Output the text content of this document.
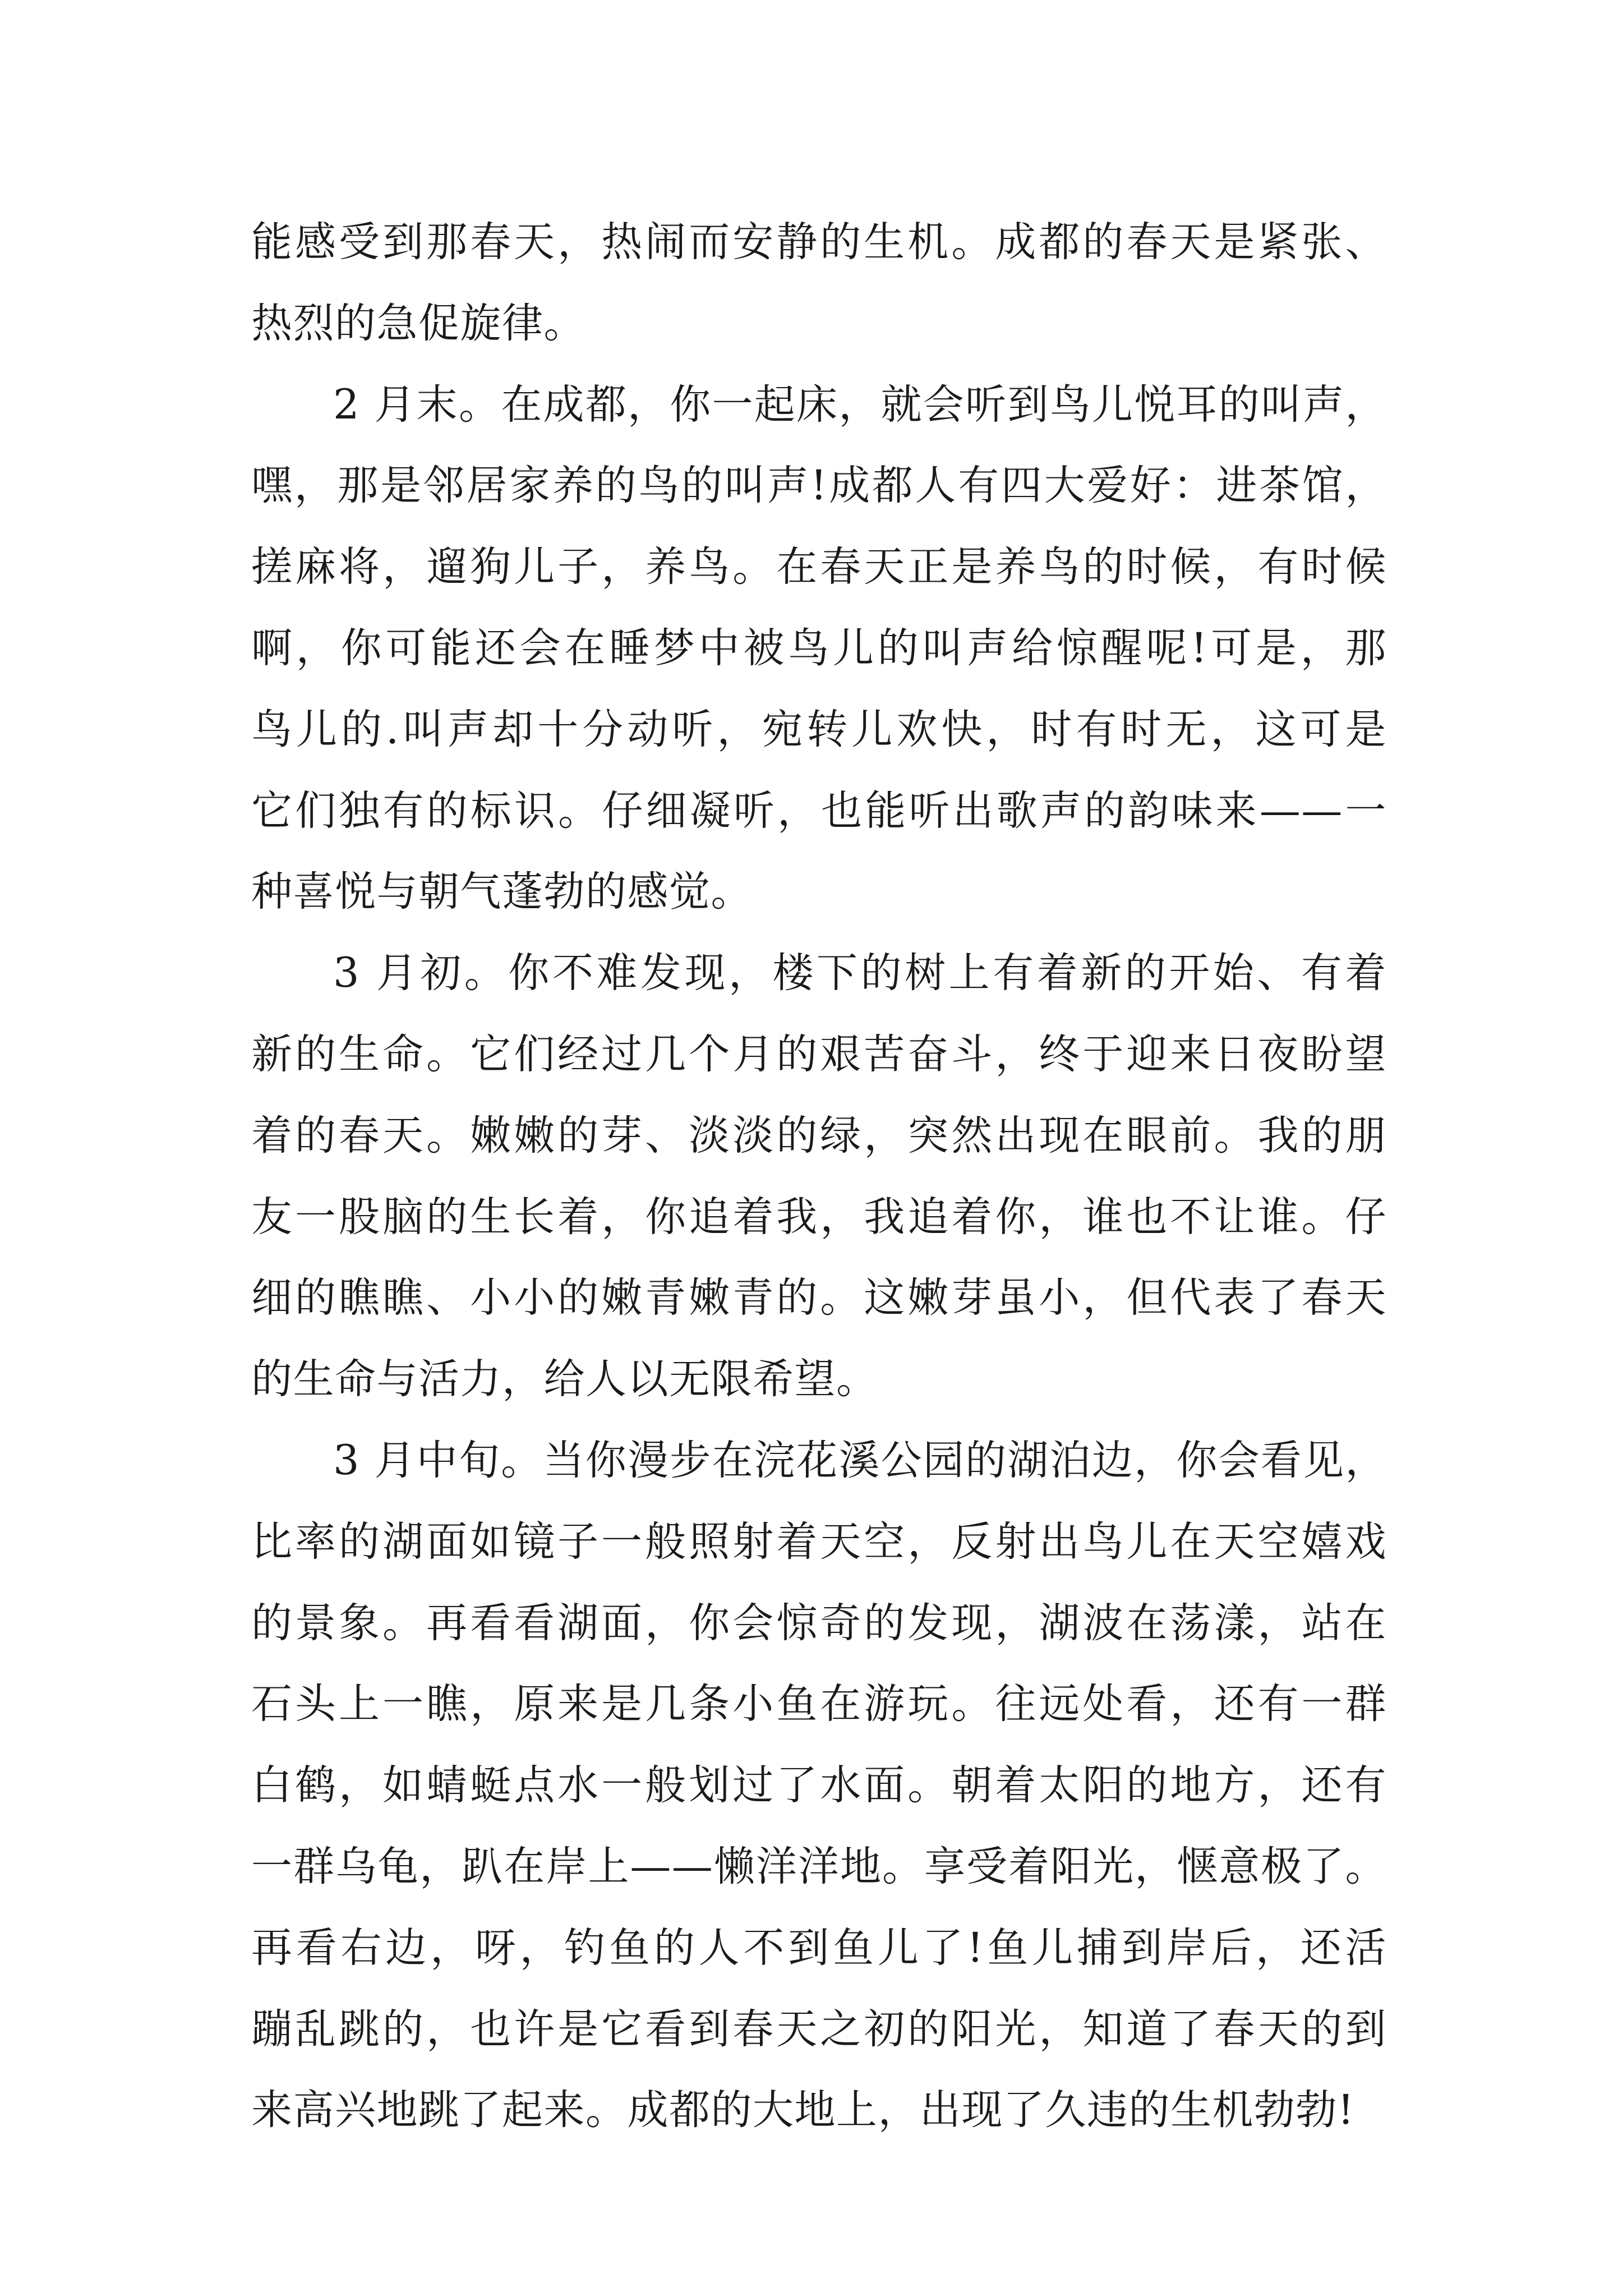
能感受到那春天，热闹而安静的生机。成都的春天是紧张、
热烈的急促旋律。
2 月末。在成都，你一起床，就会听到鸟儿悦耳的叫声，
嘿，那是邻居家养的鸟的叫声!成都人有四大爱好：进茶馆，
搓麻将，遛狗儿子，养鸟。在春天正是养鸟的时候，有时候
啊，你可能还会在睡梦中被鸟儿的叫声给惊醒呢!可是，那
鸟儿的.叫声却十分动听，宛转儿欢快，时有时无，这可是
它们独有的标识。仔细凝听，也能听出歌声的韵味来——一
种喜悦与朝气蓬勃的感觉。
3 月初。你不难发现，楼下的树上有着新的开始、有着
新的生命。它们经过几个月的艰苦奋斗，终于迎来日夜盼望
着的春天。嫩嫩的芽、淡淡的绿，突然出现在眼前。我的朋
友一股脑的生长着，你追着我，我追着你，谁也不让谁。仔
细的瞧瞧、小小的嫩青嫩青的。这嫩芽虽小，但代表了春天
的生命与活力，给人以无限希望。
3 月中旬。当你漫步在浣花溪公园的湖泊边，你会看见，
比率的湖面如镜子一般照射着天空，反射出鸟儿在天空嬉戏
的景象。再看看湖面，你会惊奇的发现，湖波在荡漾，站在
石头上一瞧，原来是几条小鱼在游玩。往远处看，还有一群
白鹤，如蜻蜓点水一般划过了水面。朝着太阳的地方，还有
一群乌龟，趴在岸上——懒洋洋地。享受着阳光，惬意极了。
再看右边，呀，钓鱼的人不到鱼儿了!鱼儿捕到岸后，还活
蹦乱跳的，也许是它看到春天之初的阳光，知道了春天的到
来高兴地跳了起来。成都的大地上，出现了久违的生机勃勃!
